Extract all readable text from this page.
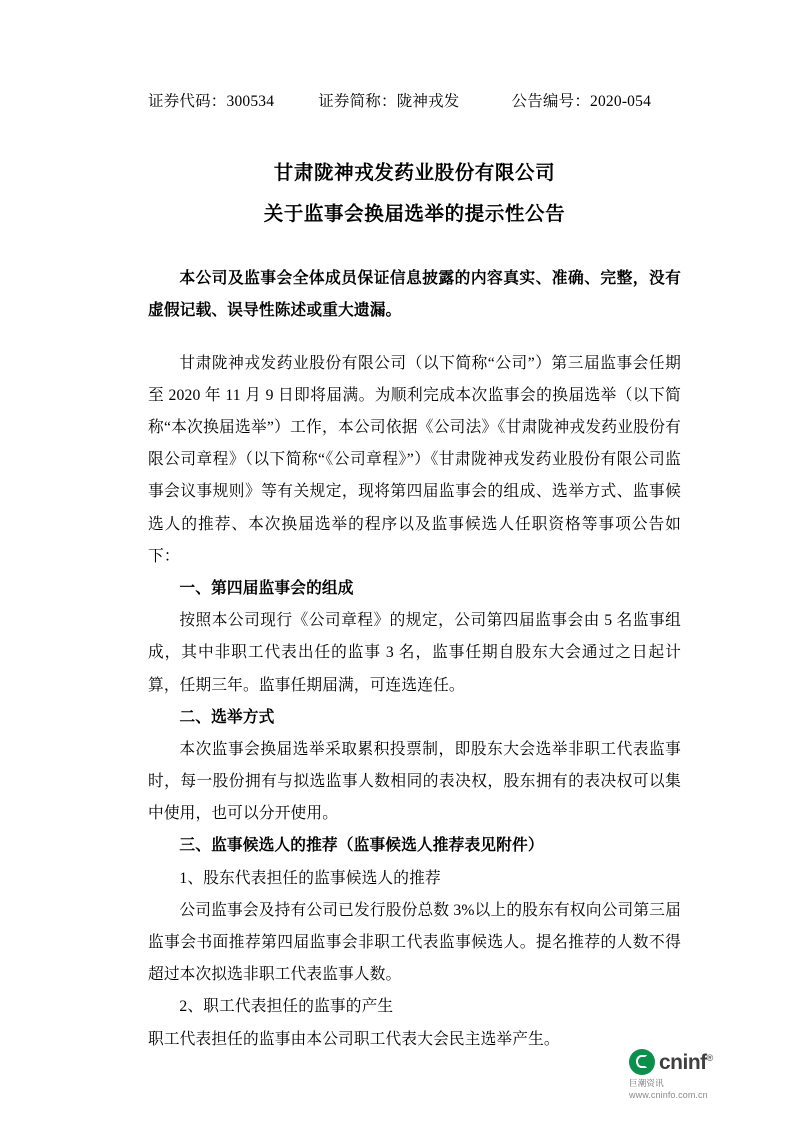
证券代码：300534	证券简称：陇神戎发	公告编号：2020-054
甘肃陇神戎发药业股份有限公司
关于监事会换届选举的提示性公告

本公司及监事会全体成员保证信息披露的内容真实、准确、完整，没有虚假记载、误导性陈述或重大遗漏。

甘肃陇神戎发药业股份有限公司（以下简称“公司”）第三届监事会任期至 2020 年 11 月 9 日即将届满。为顺利完成本次监事会的换届选举（以下简称“本次换届选举”）工作，本公司依据《公司法》《甘肃陇神戎发药业股份有限公司章程》（以下简称“《公司章程》”）《甘肃陇神戎发药业股份有限公司监事会议事规则》等有关规定，现将第四届监事会的组成、选举方式、监事候选人的推荐、本次换届选举的程序以及监事候选人任职资格等事项公告如下：

一、第四届监事会的组成

按照本公司现行《公司章程》的规定，公司第四届监事会由 5 名监事组成，其中非职工代表出任的监事 3 名，监事任期自股东大会通过之日起计算，任期三年。监事任期届满，可连选连任。

二、选举方式

本次监事会换届选举采取累积投票制，即股东大会选举非职工代表监事时，每一股份拥有与拟选监事人数相同的表决权，股东拥有的表决权可以集中使用，也可以分开使用。

三、监事候选人的推荐（监事候选人推荐表见附件）

1、股东代表担任的监事候选人的推荐

公司监事会及持有公司已发行股份总数 3%以上的股东有权向公司第三届监事会书面推荐第四届监事会非职工代表监事候选人。提名推荐的人数不得超过本次拟选非职工代表监事人数。

2、职工代表担任的监事的产生

职工代表担任的监事由本公司职工代表大会民主选举产生。

cninf®
巨潮资讯
www.cninfo.com.cn
